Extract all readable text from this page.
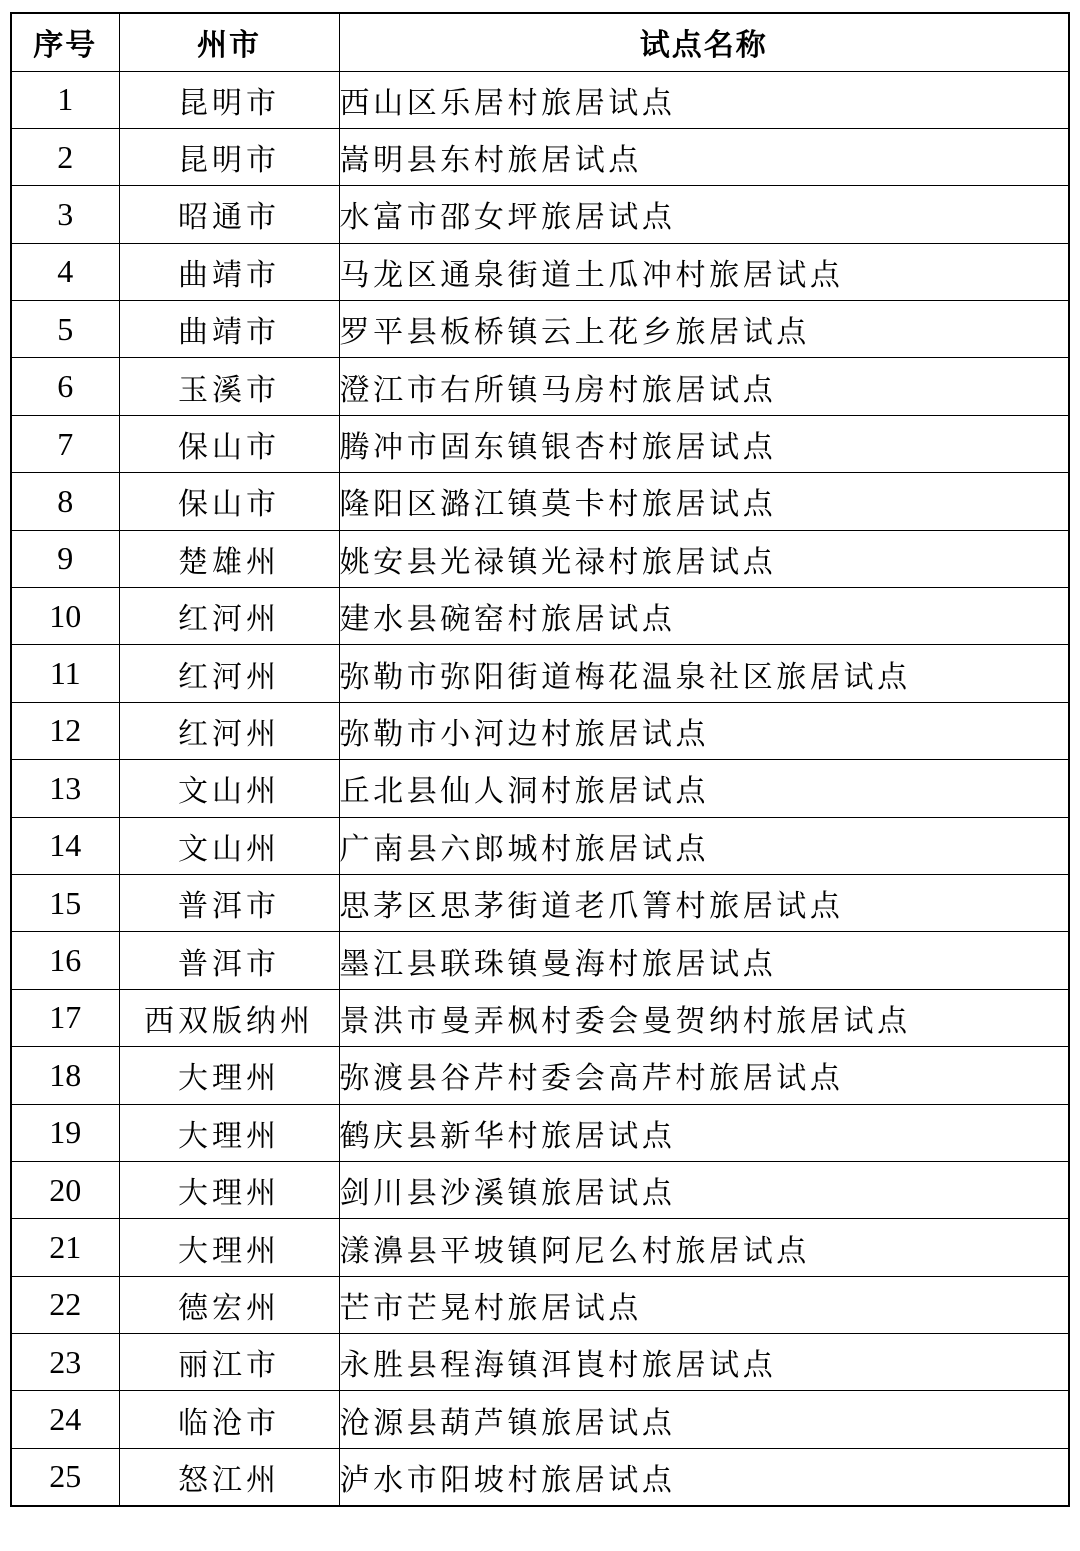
序号	州市	试点名称
1	昆明市	西山区乐居村旅居试点
2	昆明市	嵩明县东村旅居试点
3	昭通市	水富市邵女坪旅居试点
4	曲靖市	马龙区通泉街道土瓜冲村旅居试点
5	曲靖市	罗平县板桥镇云上花乡旅居试点
6	玉溪市	澄江市右所镇马房村旅居试点
7	保山市	腾冲市固东镇银杏村旅居试点
8	保山市	隆阳区潞江镇莫卡村旅居试点
9	楚雄州	姚安县光禄镇光禄村旅居试点
10	红河州	建水县碗窑村旅居试点
11	红河州	弥勒市弥阳街道梅花温泉社区旅居试点
12	红河州	弥勒市小河边村旅居试点
13	文山州	丘北县仙人洞村旅居试点
14	文山州	广南县六郎城村旅居试点
15	普洱市	思茅区思茅街道老爪箐村旅居试点
16	普洱市	墨江县联珠镇曼海村旅居试点
17	西双版纳州	景洪市曼弄枫村委会曼贺纳村旅居试点
18	大理州	弥渡县谷芹村委会高芹村旅居试点
19	大理州	鹤庆县新华村旅居试点
20	大理州	剑川县沙溪镇旅居试点
21	大理州	漾濞县平坡镇阿尼么村旅居试点
22	德宏州	芒市芒晃村旅居试点
23	丽江市	永胜县程海镇洱崀村旅居试点
24	临沧市	沧源县葫芦镇旅居试点
25	怒江州	泸水市阳坡村旅居试点
